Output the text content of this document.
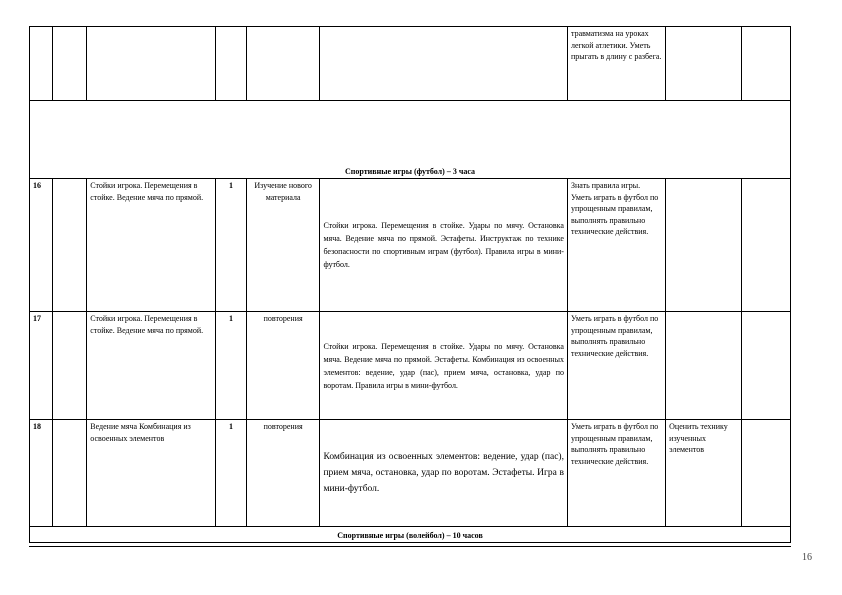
						травматизма на уроках легкой атлетики. Уметь прыгать в длину с разбега.		
Спортивные игры (футбол) – 3 часа								
16		Стойки игрока. Перемещения в стойке. Ведение мяча по прямой.	1	Изучение нового материала	Стойки игрока. Перемещения в стойке. Удары по мячу. Остановка мяча. Ведение мяча по прямой. Эстафеты. Инструктаж по технике безопасности по спортивным играм (футбол). Правила игры в мини-футбол.	Знать правила игры. Уметь играть в футбол по упрощенным правилам, выполнять правильно технические действия.		
17		Стойки игрока. Перемещения в стойке. Ведение мяча по прямой.	1	повторения	Стойки игрока. Перемещения в стойке. Удары по мячу. Остановка мяча. Ведение мяча по прямой. Эстафеты. Комбинация из освоенных элементов: ведение, удар (пас), прием мяча, остановка, удар по воротам. Правила игры в мини-футбол.	Уметь играть в футбол по упрощенным правилам, выполнять правильно технические действия.		
18		Ведение мяча Комбинация из освоенных элементов	1	повторения	Комбинация из освоенных элементов: ведение, удар (пас), прием мяча, остановка, удар по воротам. Эстафеты. Игра в мини-футбол.	Уметь играть в футбол по упрощенным правилам, выполнять правильно технические действия.	Оценить технику изученных элементов	
Спортивные игры (волейбол) – 10 часов								
16
